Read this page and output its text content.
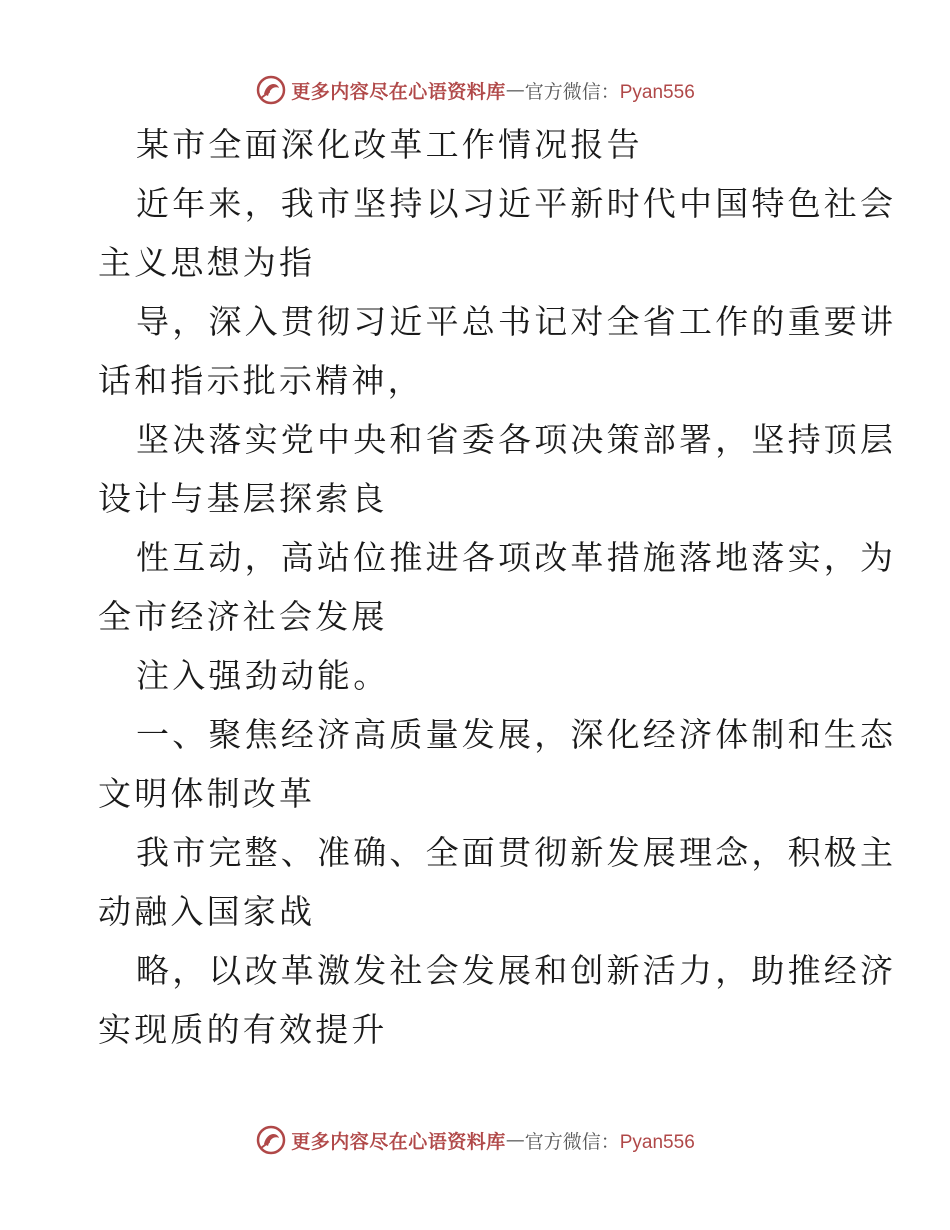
更多内容尽在心语资料库 — 官方微信：Pyan556
某市全面深化改革工作情况报告
近年来，我市坚持以习近平新时代中国特色社会
主义思想为指
导，深入贯彻习近平总书记对全省工作的重要讲
话和指示批示精神，
坚决落实党中央和省委各项决策部署，坚持顶层
设计与基层探索良
性互动，高站位推进各项改革措施落地落实，为
全市经济社会发展
注入强劲动能。
一、聚焦经济高质量发展，深化经济体制和生态
文明体制改革
我市完整、准确、全面贯彻新发展理念，积极主
动融入国家战
略，以改革激发社会发展和创新活力，助推经济
实现质的有效提升
更多内容尽在心语资料库 — 官方微信：Pyan556
